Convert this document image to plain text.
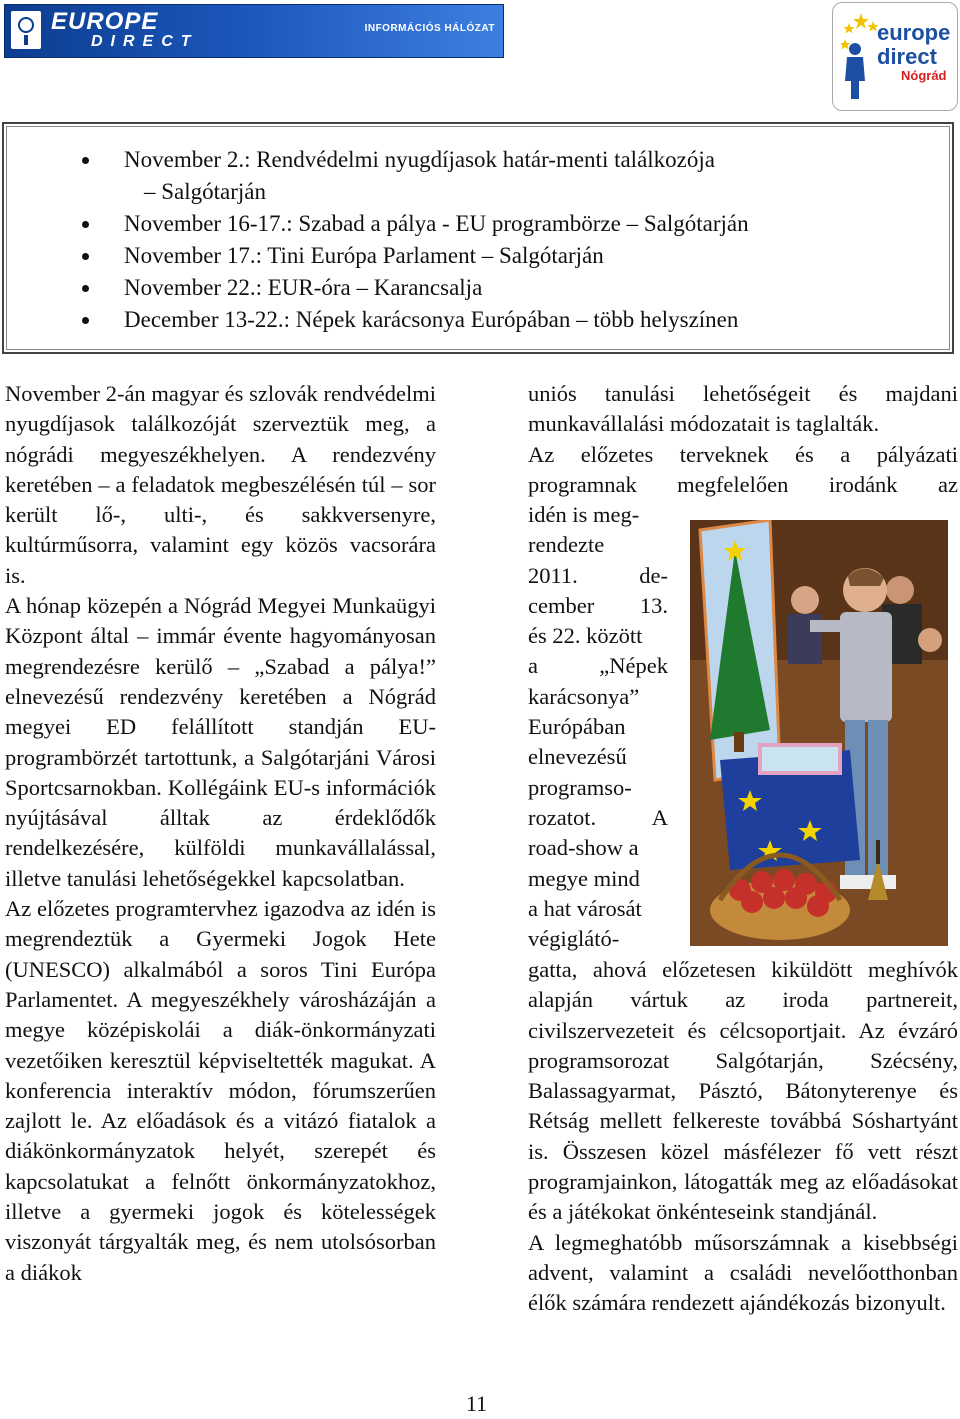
EUROPE
DIRECT
INFORMÁCIÓS HÁLÓZAT	europe
direct
Nógrád
November 2.: Rendvédelmi nyugdíjasok határ-menti találkozója
– Salgótarján
November 16-17.: Szabad a pálya - EU programbörze – Salgótarján
November 17.: Tini Európa Parlament – Salgótarján
November 22.: EUR-óra – Karancsalja
December 13-22.: Népek karácsonya Európában – több helyszínen

November 2-án magyar és szlovák rendvédelmi nyugdíjasok találkozóját szerveztük meg, a nógrádi megyeszékhelyen. A rendezvény keretében – a feladatok megbeszélésén túl – sor került lő-, ulti-, és sakkversenyre, kultúrműsorra, valamint egy közös vacsorára is.

A hónap közepén a Nógrád Megyei Munkaügyi Központ által – immár évente hagyományosan megrendezésre kerülő – „Szabad a pálya!” elnevezésű rendezvény keretében a Nógrád megyei ED felállított standján EU-programbörzét tartottunk, a Salgótarjáni Városi Sportcsarnokban. Kollégáink EU-s információk nyújtásával álltak az érdeklődők rendelkezésére, külföldi munkavállalással, illetve tanulási lehetőségekkel kapcsolatban.

Az előzetes programtervhez igazodva az idén is megrendeztük a Gyermeki Jogok Hete (UNESCO) alkalmából a soros Tini Európa Parlamentet. A megyeszékhely városházáján a megye középiskolái a diák-önkormányzati vezetőiken keresztül képviseltették magukat. A konferencia interaktív módon, fórumszerűen zajlott le. Az előadások és a vitázó fiatalok a diákönkormányzatok helyét, szerepét és kapcsolatukat a felnőtt önkormányzatokhoz, illetve a gyermeki jogok és kötelességek viszonyát tárgyalták meg, és nem utolsósorban a diákok

uniós tanulási lehetőségeit és majdani munkavállalási módozatait is taglalták.

Az előzetes terveknek és a pályázati programnak megfelelően irodánk az

idén is meg-
rendezte
2011. de-
cember 13.
és 22. között
a „Népek
karácsonya”
Európában
elnevezésű
programso-
rozatot. A
road-show a
megye mind
a hat városát
végiglátó-

gatta, ahová előzetesen kiküldött meghívók alapján vártuk az iroda partnereit, civilszervezeteit és célcsoportjait. Az évzáró programsorozat Salgótarján, Szécsény, Balassagyarmat, Pásztó, Bátonyterenye és Rétság mellett felkereste továbbá Sóshartyánt is. Összesen közel másfélezer fő vett részt programjainkon, látogatták meg az előadásokat és a játékokat önkénteseink standjánál.

A legmeghatóbb műsorszámnak a kisebbségi advent, valamint a családi nevelőotthonban élők számára rendezett ajándékozás bizonyult.

11
